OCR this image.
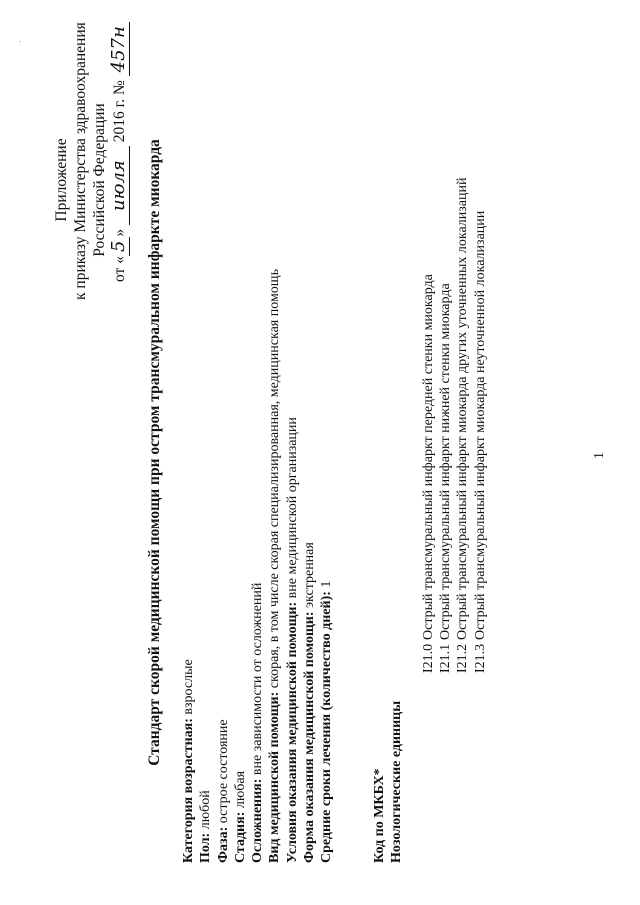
·
Приложение к приказу Министерства здравоохранения Российской Федерации
от «5» июля 2016 г. № 457н
Стандарт скорой медицинской помощи при остром трансмуральном инфаркте миокарда
Категория возрастная: взрослые
Пол: любой
Фаза: острое состояние
Стадия: любая Осложнения: вне зависимости от осложнений Вид медицинской помощи: скорая, в том числе скорая специализированная, медицинская помощь
Условия оказания медицинской помощи: вне медицинской организации
Форма оказания медицинской помощи: экстренная
Средние сроки лечения (количество дней): 1
Код по МКБХ* Нозологические единицы
I21.0Острый трансмуральный инфаркт передней стенки миокарда
I21.1Острый трансмуральный инфаркт нижней стенки миокарда
I21.2Острый трансмуральный инфаркт миокарда других уточненных локализаций
I21.3Острый трансмуральный инфаркт миокарда неуточненной локализации	1
